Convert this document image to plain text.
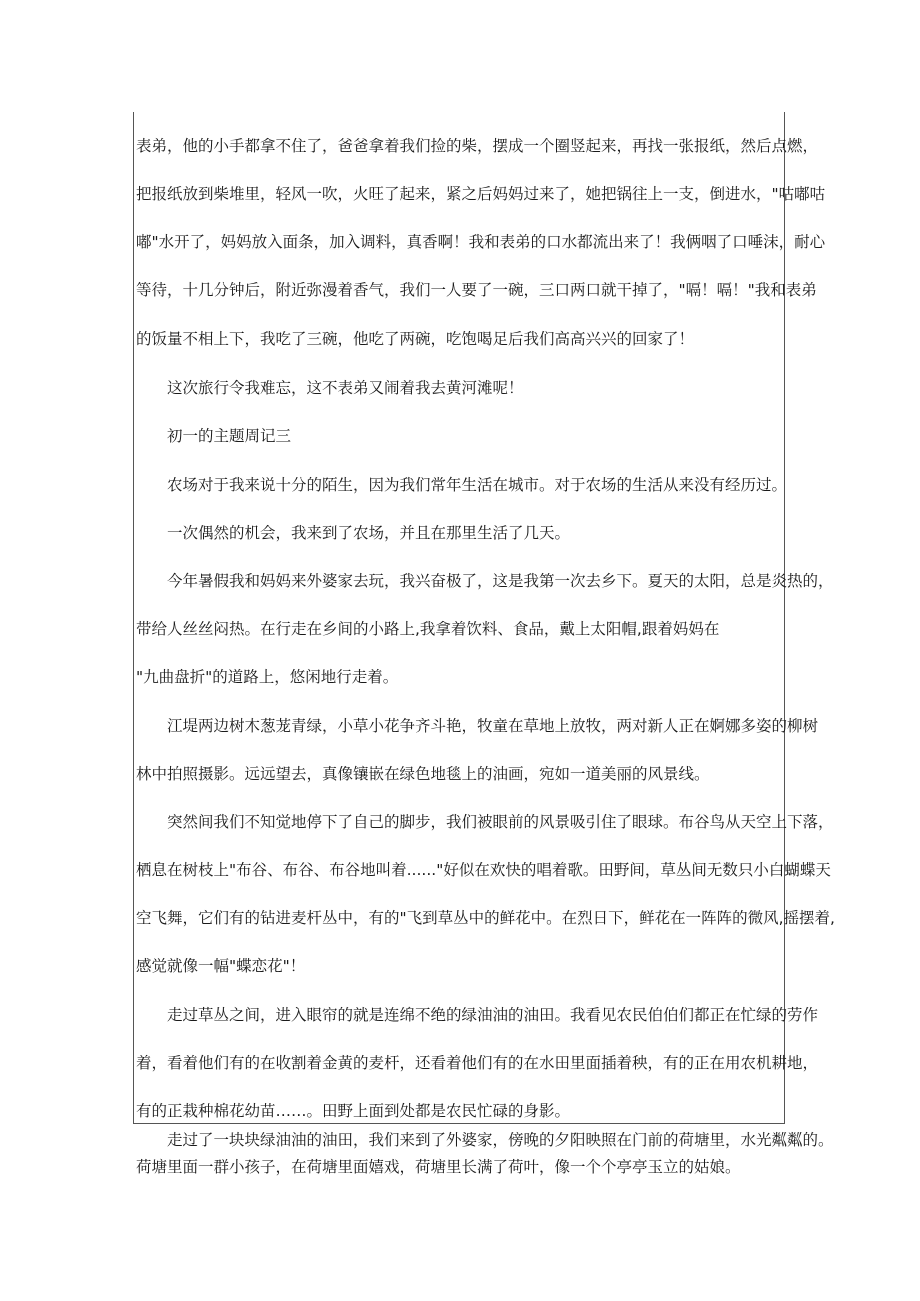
表弟，他的小手都拿不住了，爸爸拿着我们捡的柴，摆成一个圈竖起来，再找一张报纸，然后点燃，
把报纸放到柴堆里，轻风一吹，火旺了起来，紧之后妈妈过来了，她把锅往上一支，倒进水，"咕嘟咕
嘟"水开了，妈妈放入面条，加入调料，真香啊！我和表弟的口水都流出来了！我俩咽了口唾沫，耐心
等待，十几分钟后，附近弥漫着香气，我们一人要了一碗，三口两口就干掉了，"嗝！嗝！"我和表弟
的饭量不相上下，我吃了三碗，他吃了两碗，吃饱喝足后我们高高兴兴的回家了！
这次旅行令我难忘，这不表弟又闹着我去黄河滩呢！
初一的主题周记三
农场对于我来说十分的陌生，因为我们常年生活在城市。对于农场的生活从来没有经历过。
一次偶然的机会，我来到了农场，并且在那里生活了几天。
今年暑假我和妈妈来外婆家去玩，我兴奋极了，这是我第一次去乡下。夏天的太阳，总是炎热的，
带给人丝丝闷热。在行走在乡间的小路上,我拿着饮料、食品，戴上太阳帽,跟着妈妈在
"九曲盘折"的道路上，悠闲地行走着。
江堤两边树木葱茏青绿，小草小花争齐斗艳，牧童在草地上放牧，两对新人正在婀娜多姿的柳树
林中拍照摄影。远远望去，真像镶嵌在绿色地毯上的油画，宛如一道美丽的风景线。
突然间我们不知觉地停下了自己的脚步，我们被眼前的风景吸引住了眼球。布谷鸟从天空上下落，
栖息在树枝上"布谷、布谷、布谷地叫着......"好似在欢快的唱着歌。田野间，草丛间无数只小白蝴蝶天
空飞舞，它们有的钻进麦杆丛中，有的"飞到草丛中的鲜花中。在烈日下，鲜花在一阵阵的微风,摇摆着,
感觉就像一幅"蝶恋花"！
走过草丛之间，进入眼帘的就是连绵不绝的绿油油的油田。我看见农民伯伯们都正在忙绿的劳作
着，看着他们有的在收割着金黄的麦杆，还看着他们有的在水田里面插着秧，有的正在用农机耕地，
有的正栽种棉花幼苗……。田野上面到处都是农民忙碌的身影。
走过了一块块绿油油的油田，我们来到了外婆家，傍晚的夕阳映照在门前的荷塘里，水光粼粼的。
荷塘里面一群小孩子，在荷塘里面嬉戏，荷塘里长满了荷叶，像一个个亭亭玉立的姑娘。
